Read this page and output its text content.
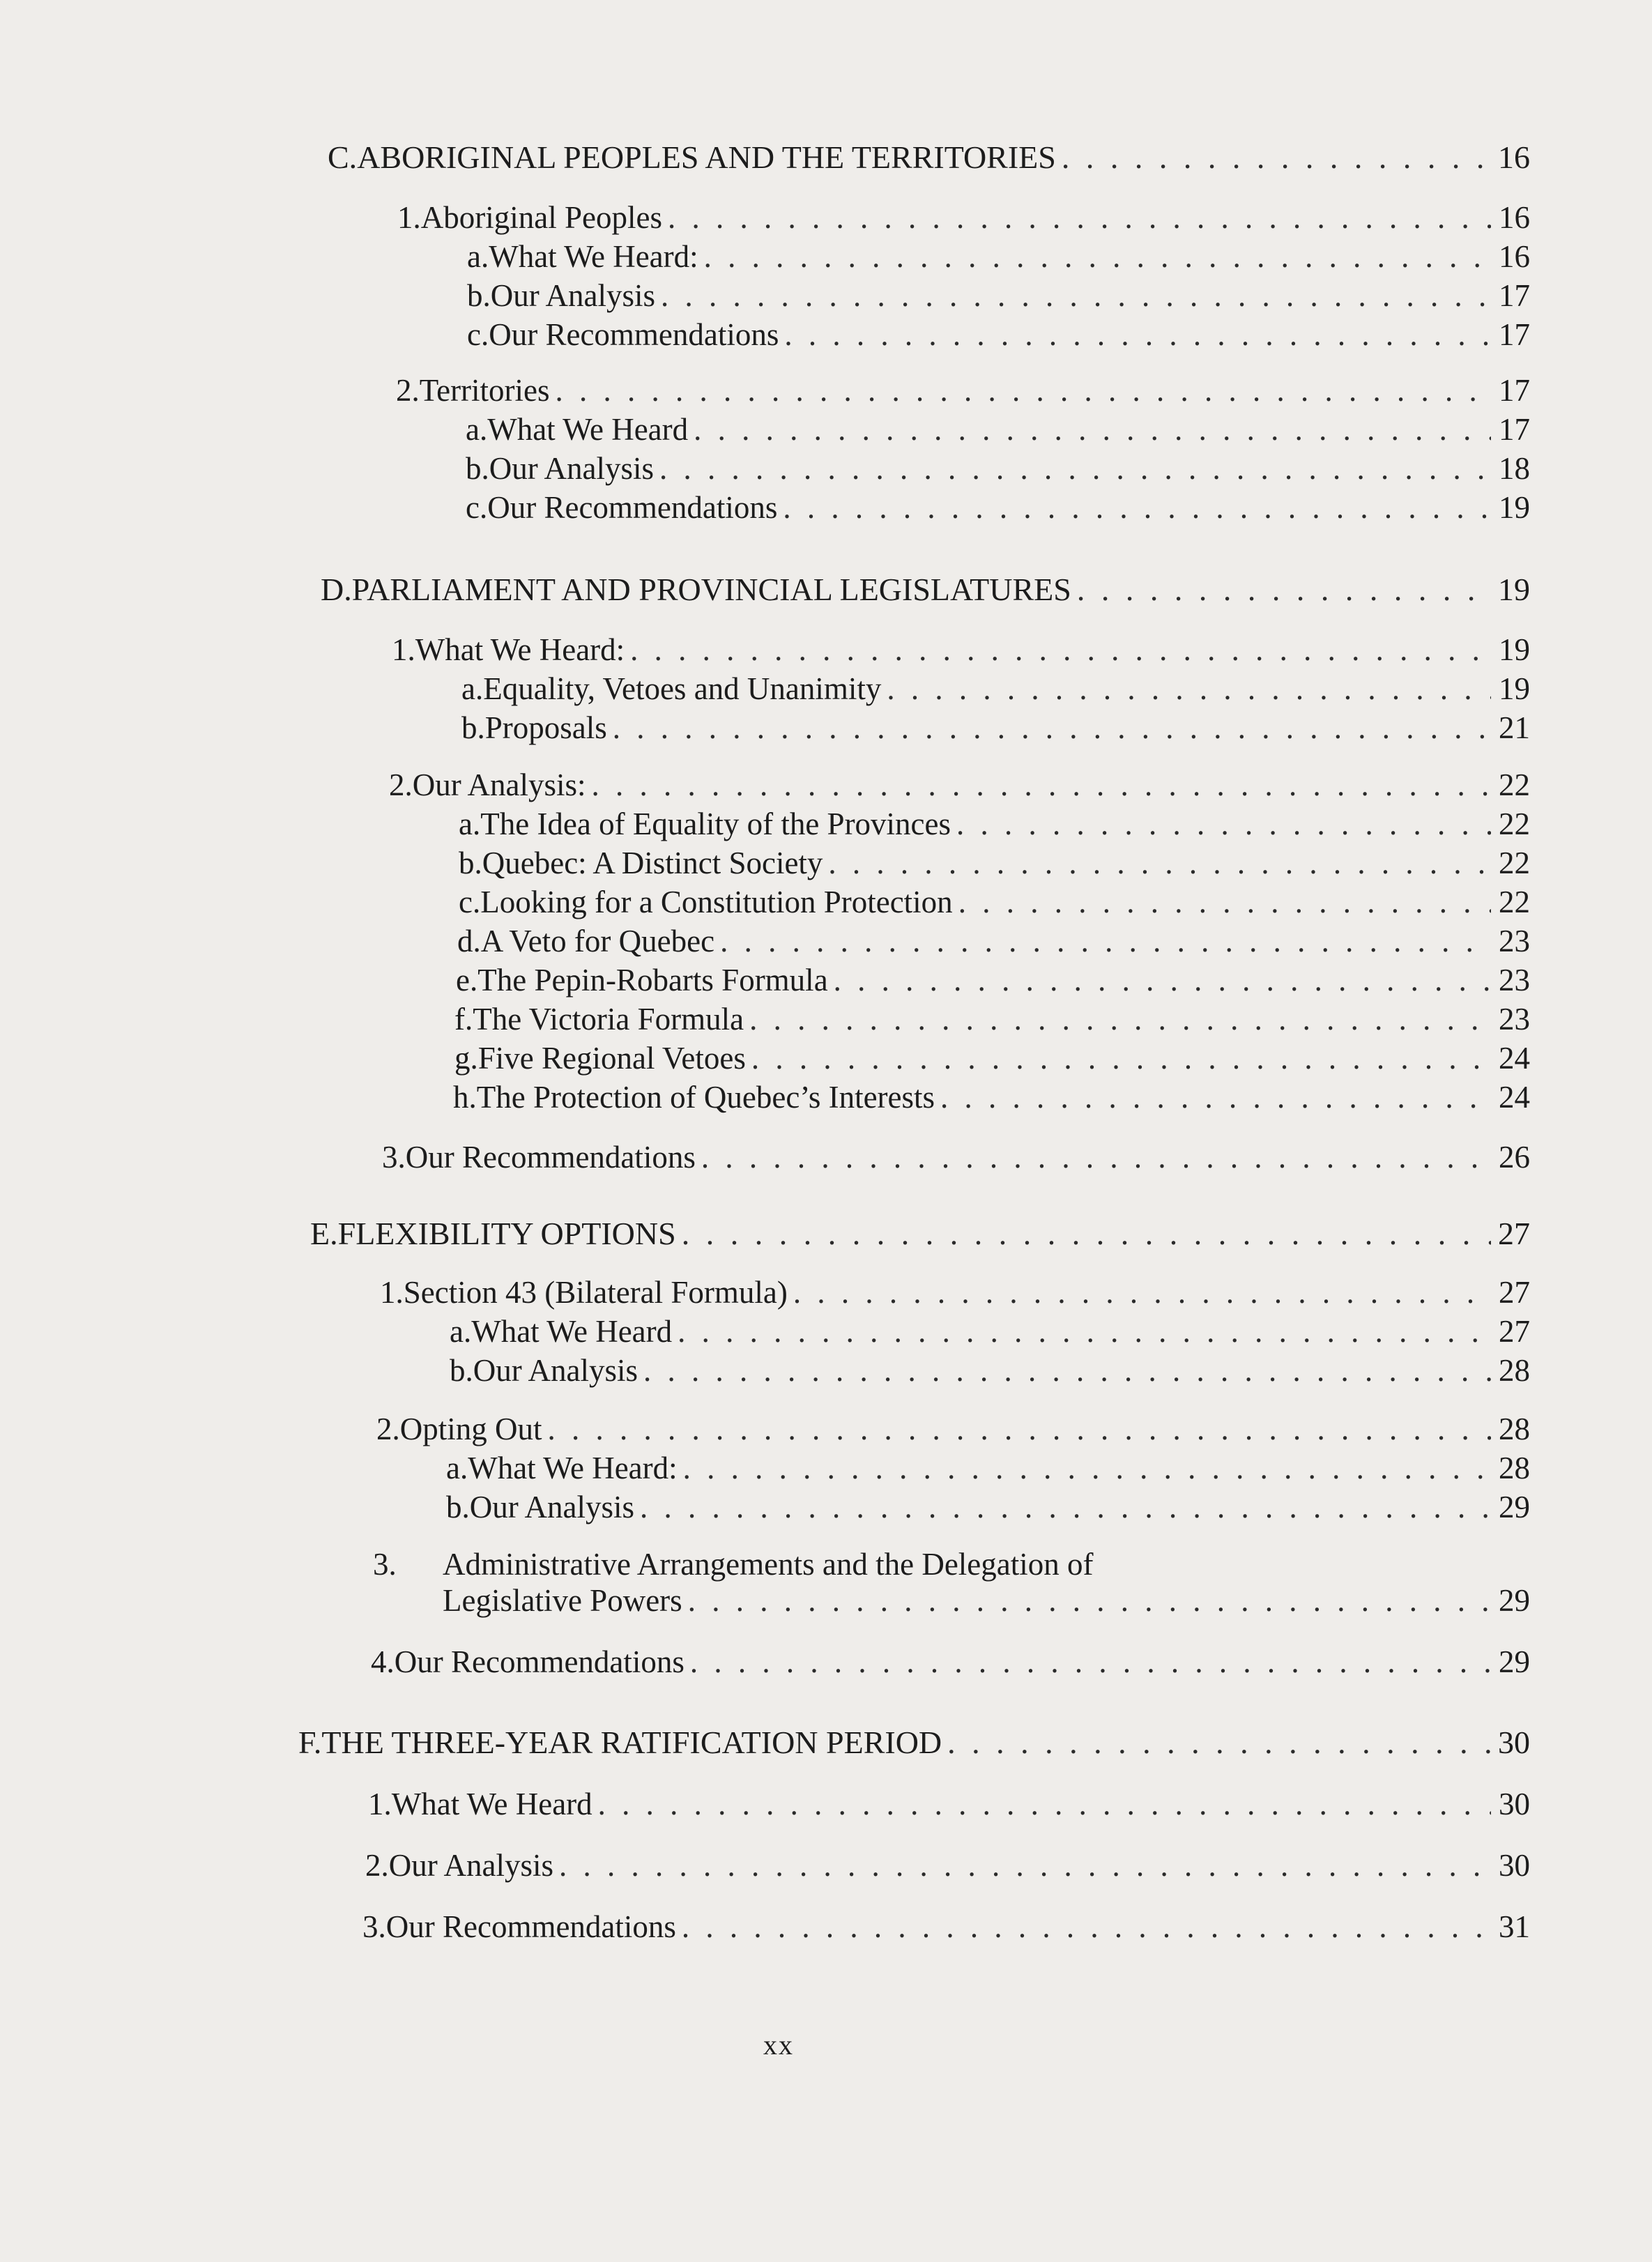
C. ABORIGINAL PEOPLES AND THE TERRITORIES . . .	16
1. Aboriginal Peoples . . .	16
a. What We Heard: . . .	16
b. Our Analysis . . .	17
c. Our Recommendations . . .	17
2. Territories . . .	17
a. What We Heard . . .	17
b. Our Analysis . . .	18
c. Our Recommendations . . .	19
D. PARLIAMENT AND PROVINCIAL LEGISLATURES . . .	19
1. What We Heard: . . .	19
a. Equality, Vetoes and Unanimity . . .	19
b. Proposals . . .	21
2. Our Analysis: . . .	22
a. The Idea of Equality of the Provinces . . .	22
b. Quebec: A Distinct Society . . .	22
c. Looking for a Constitution Protection . . .	22
d. A Veto for Quebec . . .	23
e. The Pepin-Robarts Formula . . .	23
f. The Victoria Formula . . .	23
g. Five Regional Vetoes . . .	24
h. The Protection of Quebec’s Interests . . .	24
3. Our Recommendations . . .	26
E. FLEXIBILITY OPTIONS . . .	27
1. Section 43 (Bilateral Formula) . . .	27
a. What We Heard . . .	27
b. Our Analysis . . .	28
2. Opting Out . . .	28
a. What We Heard: . . .	28
b. Our Analysis . . .	29
3.	Administrative Arrangements and the Delegation of
Legislative Powers . . .	29
4. Our Recommendations . . .	29
F. THE THREE-YEAR RATIFICATION PERIOD . . .	30
1. What We Heard . . .	30
2. Our Analysis . . .	30
3. Our Recommendations . . .	31
xx
